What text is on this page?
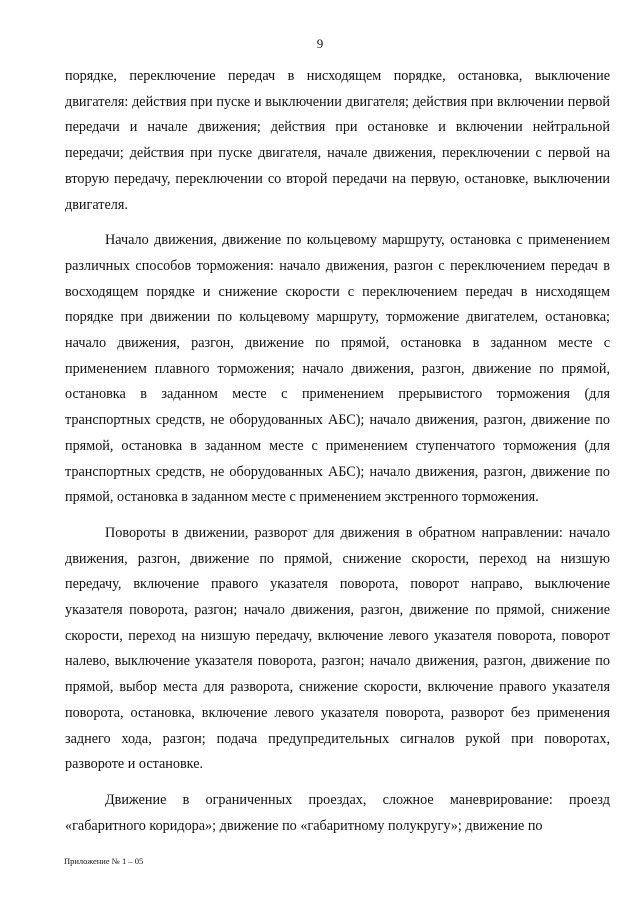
9

порядке, переключение передач в нисходящем порядке, остановка, выключение двигателя: действия при пуске и выключении двигателя; действия при включении первой передачи и начале движения; действия при остановке и включении нейтральной передачи; действия при пуске двигателя, начале движения, переключении с первой на вторую передачу, переключении со второй передачи на первую, остановке, выключении двигателя.

Начало движения, движение по кольцевому маршруту, остановка с применением различных способов торможения: начало движения, разгон с переключением передач в восходящем порядке и снижение скорости с переключением передач в нисходящем порядке при движении по кольцевому маршруту, торможение двигателем, остановка; начало движения, разгон, движение по прямой, остановка в заданном месте с применением плавного торможения; начало движения, разгон, движение по прямой, остановка в заданном месте с применением прерывистого торможения (для транспортных средств, не оборудованных АБС); начало движения, разгон, движение по прямой, остановка в заданном месте с применением ступенчатого торможения (для транспортных средств, не оборудованных АБС); начало движения, разгон, движение по прямой, остановка в заданном месте с применением экстренного торможения.

Повороты в движении, разворот для движения в обратном направлении: начало движения, разгон, движение по прямой, снижение скорости, переход на низшую передачу, включение правого указателя поворота, поворот направо, выключение указателя поворота, разгон; начало движения, разгон, движение по прямой, снижение скорости, переход на низшую передачу, включение левого указателя поворота, поворот налево, выключение указателя поворота, разгон; начало движения, разгон, движение по прямой, выбор места для разворота, снижение скорости, включение правого указателя поворота, остановка, включение левого указателя поворота, разворот без применения заднего хода, разгон; подача предупредительных сигналов рукой при поворотах, развороте и остановке.

Движение в ограниченных проездах, сложное маневрирование: проезд «габаритного коридора»; движение по «габаритному полукругу»; движение по

Приложение № 1 – 05
